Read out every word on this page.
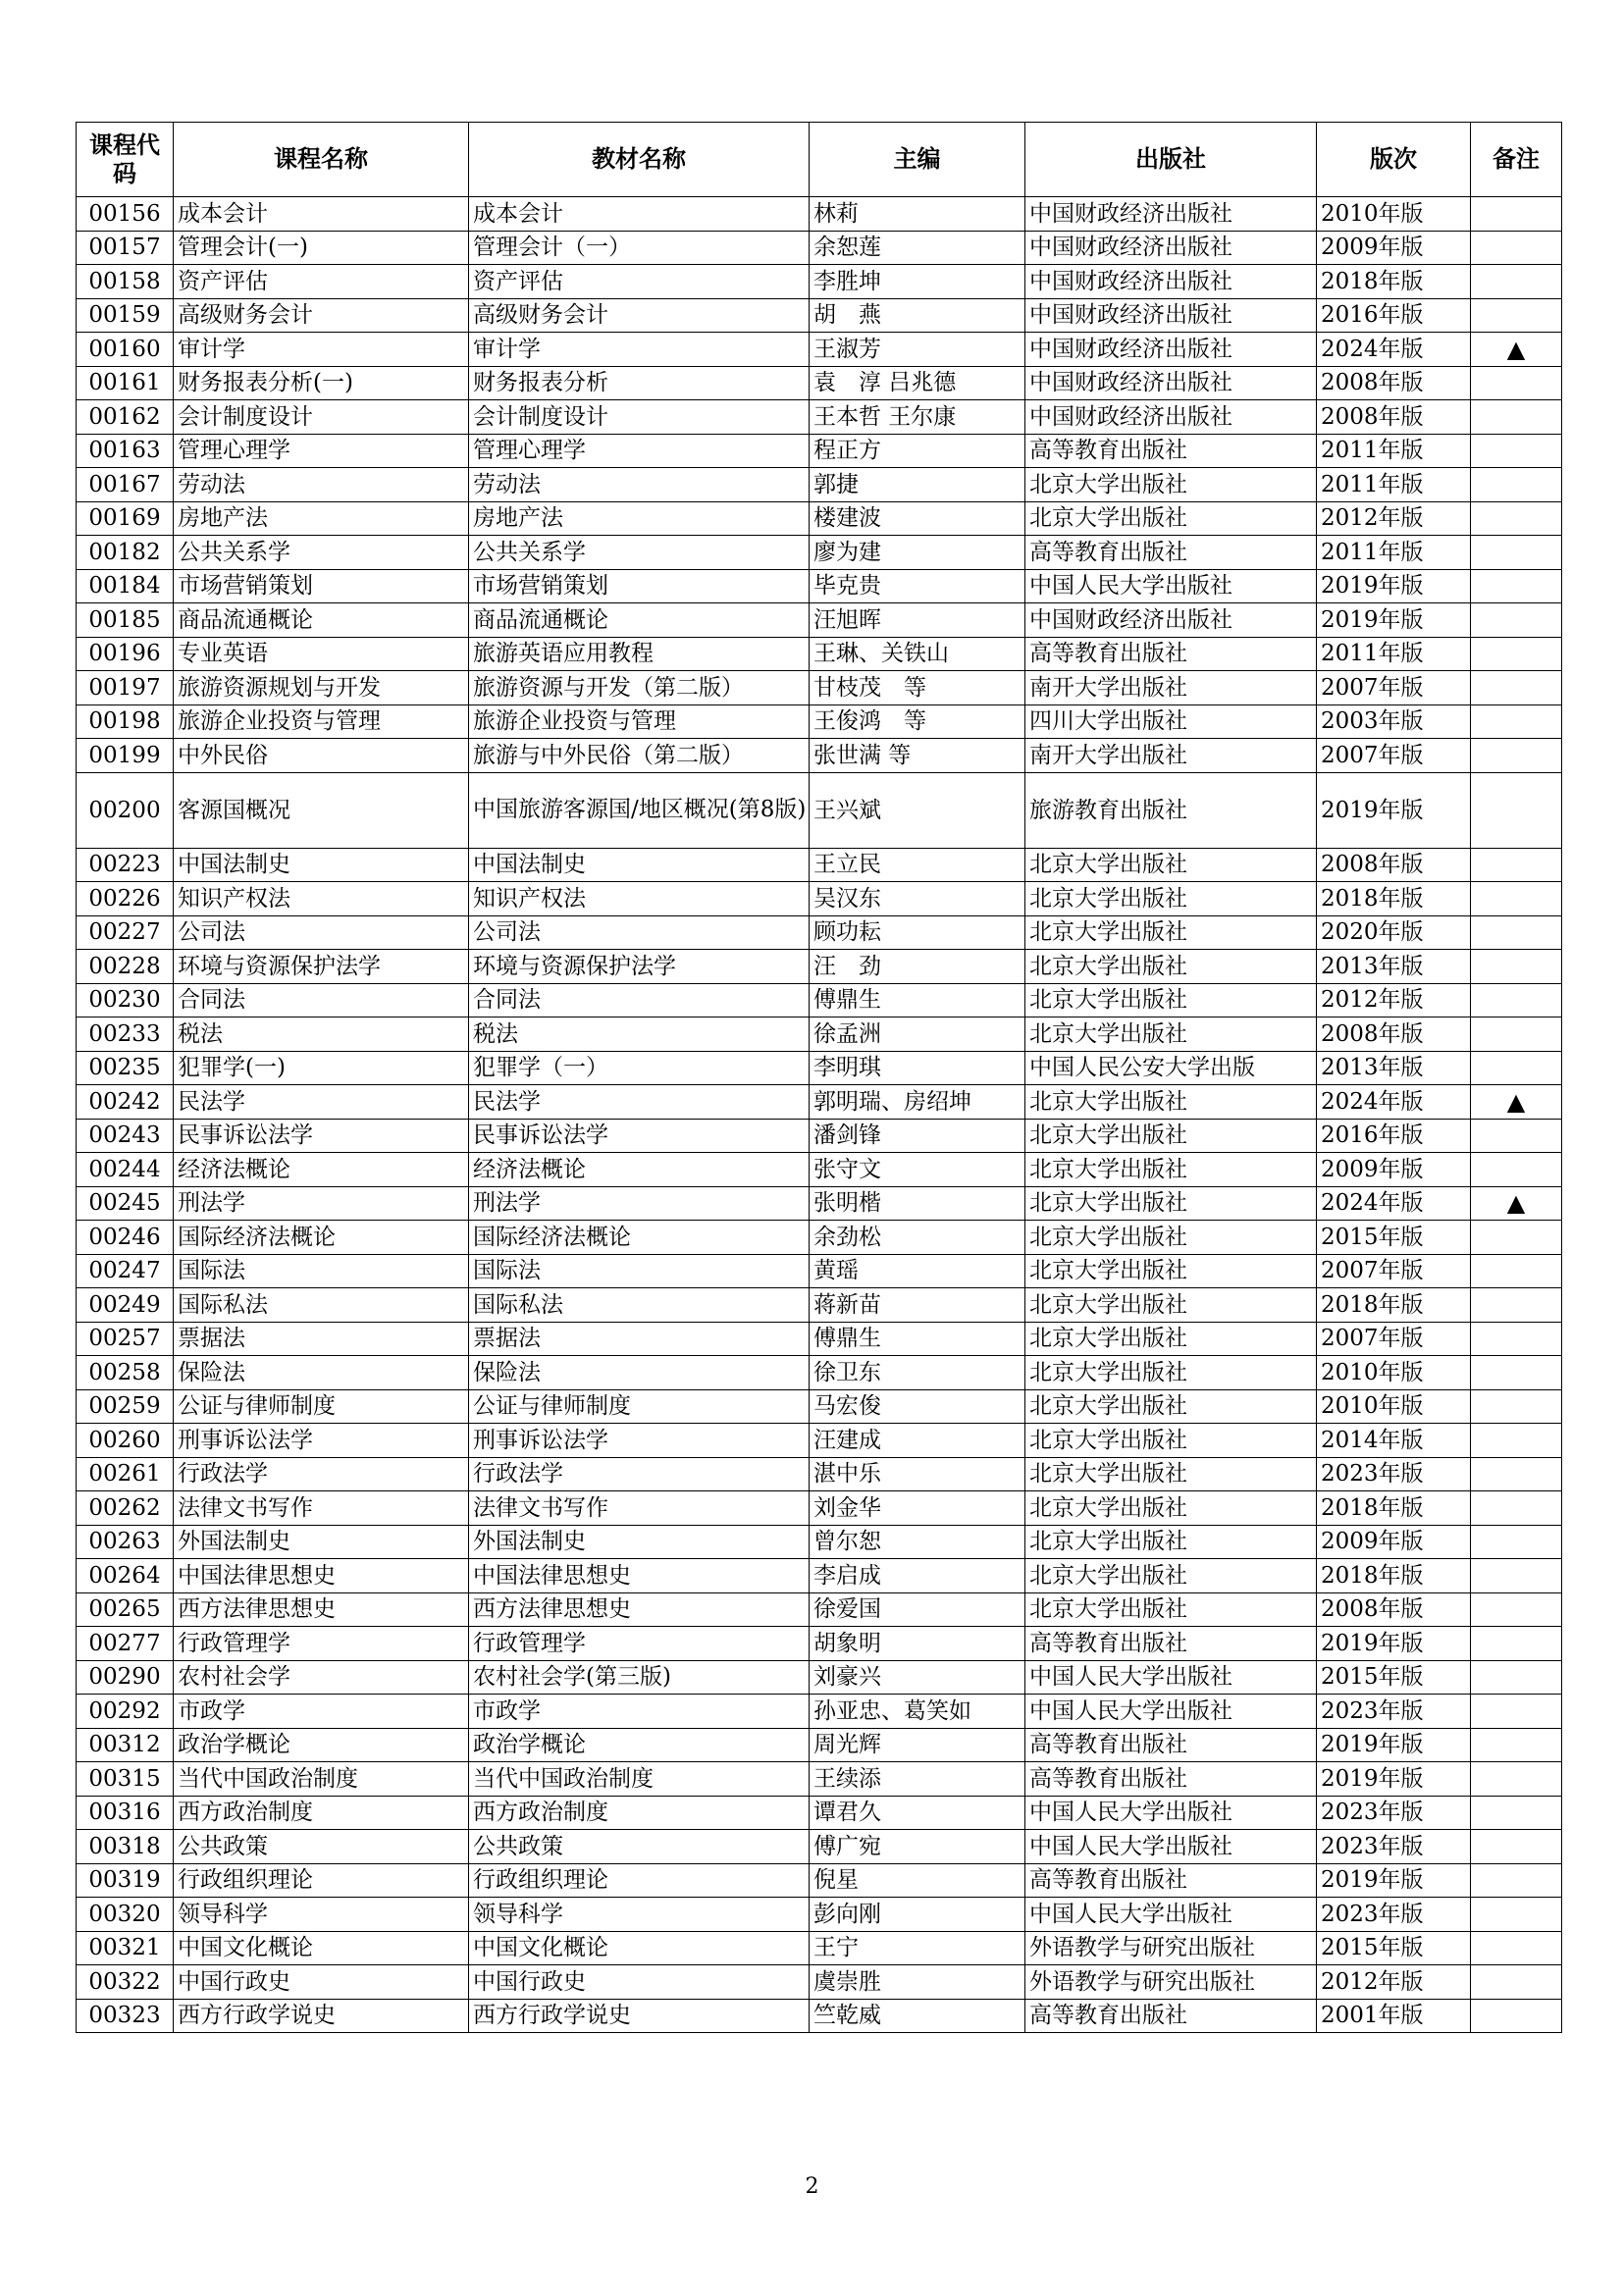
课程代码	课程名称	教材名称	主编	出版社	版次	备注
00156	成本会计	成本会计	林莉	中国财政经济出版社	2010年版	
00157	管理会计(一)	管理会计（一）	余恕莲	中国财政经济出版社	2009年版	
00158	资产评估	资产评估	李胜坤	中国财政经济出版社	2018年版	
00159	高级财务会计	高级财务会计	胡　燕	中国财政经济出版社	2016年版	
00160	审计学	审计学	王淑芳	中国财政经济出版社	2024年版	▲
00161	财务报表分析(一)	财务报表分析	袁　淳 吕兆德	中国财政经济出版社	2008年版	
00162	会计制度设计	会计制度设计	王本哲 王尔康	中国财政经济出版社	2008年版	
00163	管理心理学	管理心理学	程正方	高等教育出版社	2011年版	
00167	劳动法	劳动法	郭捷	北京大学出版社	2011年版	
00169	房地产法	房地产法	楼建波	北京大学出版社	2012年版	
00182	公共关系学	公共关系学	廖为建	高等教育出版社	2011年版	
00184	市场营销策划	市场营销策划	毕克贵	中国人民大学出版社	2019年版	
00185	商品流通概论	商品流通概论	汪旭晖	中国财政经济出版社	2019年版	
00196	专业英语	旅游英语应用教程	王琳、关铁山	高等教育出版社	2011年版	
00197	旅游资源规划与开发	旅游资源与开发（第二版）	甘枝茂　等	南开大学出版社	2007年版	
00198	旅游企业投资与管理	旅游企业投资与管理	王俊鸿　等	四川大学出版社	2003年版	
00199	中外民俗	旅游与中外民俗（第二版）	张世满 等	南开大学出版社	2007年版	
00200	客源国概况	中国旅游客源国/地区概况(第8版)	王兴斌	旅游教育出版社	2019年版	
00223	中国法制史	中国法制史	王立民	北京大学出版社	2008年版	
00226	知识产权法	知识产权法	吴汉东	北京大学出版社	2018年版	
00227	公司法	公司法	顾功耘	北京大学出版社	2020年版	
00228	环境与资源保护法学	环境与资源保护法学	汪　劲	北京大学出版社	2013年版	
00230	合同法	合同法	傅鼎生	北京大学出版社	2012年版	
00233	税法	税法	徐孟洲	北京大学出版社	2008年版	
00235	犯罪学(一)	犯罪学（一）	李明琪	中国人民公安大学出版	2013年版	
00242	民法学	民法学	郭明瑞、房绍坤	北京大学出版社	2024年版	▲
00243	民事诉讼法学	民事诉讼法学	潘剑锋	北京大学出版社	2016年版	
00244	经济法概论	经济法概论	张守文	北京大学出版社	2009年版	
00245	刑法学	刑法学	张明楷	北京大学出版社	2024年版	▲
00246	国际经济法概论	国际经济法概论	余劲松	北京大学出版社	2015年版	
00247	国际法	国际法	黄瑶	北京大学出版社	2007年版	
00249	国际私法	国际私法	蒋新苗	北京大学出版社	2018年版	
00257	票据法	票据法	傅鼎生	北京大学出版社	2007年版	
00258	保险法	保险法	徐卫东	北京大学出版社	2010年版	
00259	公证与律师制度	公证与律师制度	马宏俊	北京大学出版社	2010年版	
00260	刑事诉讼法学	刑事诉讼法学	汪建成	北京大学出版社	2014年版	
00261	行政法学	行政法学	湛中乐	北京大学出版社	2023年版	
00262	法律文书写作	法律文书写作	刘金华	北京大学出版社	2018年版	
00263	外国法制史	外国法制史	曾尔恕	北京大学出版社	2009年版	
00264	中国法律思想史	中国法律思想史	李启成	北京大学出版社	2018年版	
00265	西方法律思想史	西方法律思想史	徐爱国	北京大学出版社	2008年版	
00277	行政管理学	行政管理学	胡象明	高等教育出版社	2019年版	
00290	农村社会学	农村社会学(第三版)	刘豪兴	中国人民大学出版社	2015年版	
00292	市政学	市政学	孙亚忠、葛笑如	中国人民大学出版社	2023年版	
00312	政治学概论	政治学概论	周光辉	高等教育出版社	2019年版	
00315	当代中国政治制度	当代中国政治制度	王续添	高等教育出版社	2019年版	
00316	西方政治制度	西方政治制度	谭君久	中国人民大学出版社	2023年版	
00318	公共政策	公共政策	傅广宛	中国人民大学出版社	2023年版	
00319	行政组织理论	行政组织理论	倪星	高等教育出版社	2019年版	
00320	领导科学	领导科学	彭向刚	中国人民大学出版社	2023年版	
00321	中国文化概论	中国文化概论	王宁	外语教学与研究出版社	2015年版	
00322	中国行政史	中国行政史	虞崇胜	外语教学与研究出版社	2012年版	
00323	西方行政学说史	西方行政学说史	竺乾威	高等教育出版社	2001年版	
2
